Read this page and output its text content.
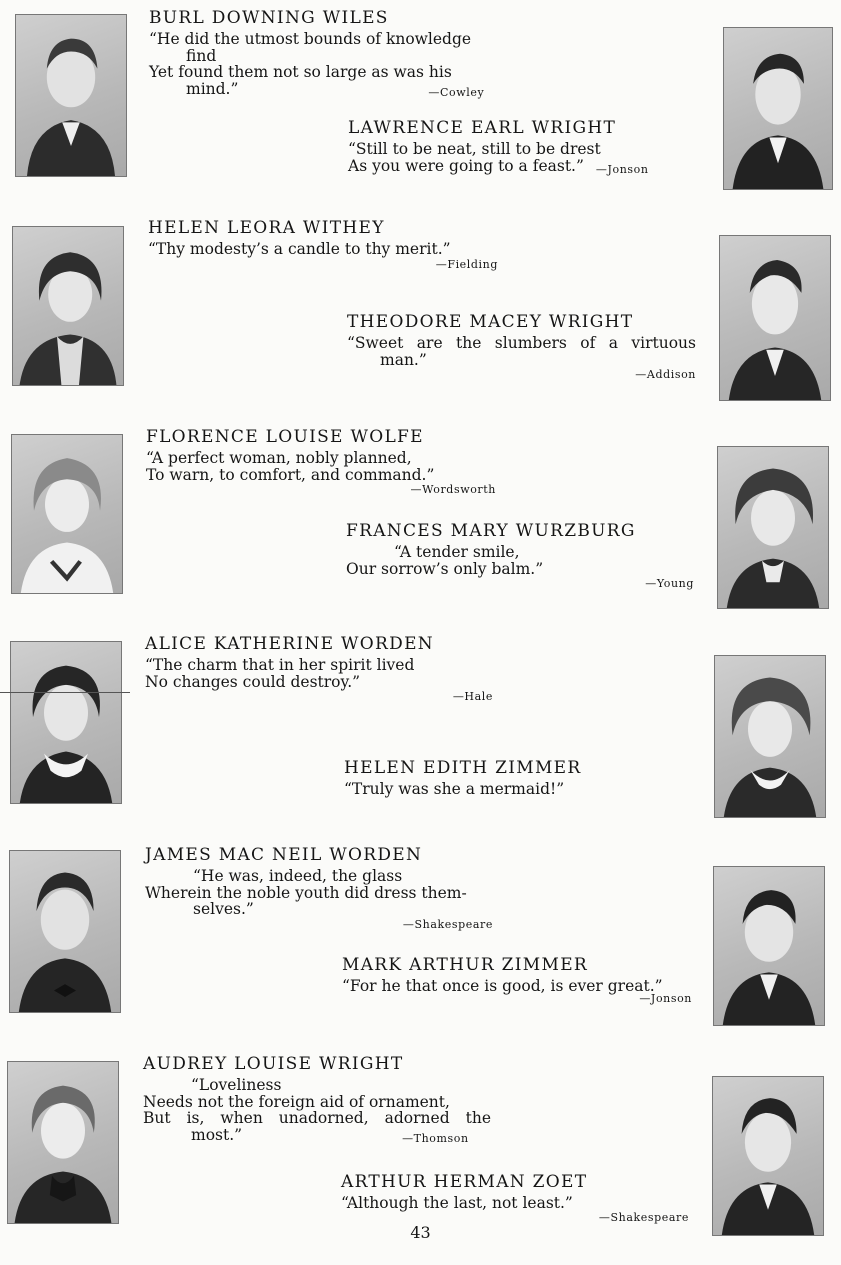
BURL DOWNING WILES
“He did the utmost bounds of knowledge
find
Yet found them not so large as was his
mind.”	—Cowley
LAWRENCE EARL WRIGHT
“Still to be neat, still to be drest
As you were going to a feast.” —Jonson
HELEN LEORA WITHEY
“Thy modesty’s a candle to thy merit.”
—Fielding
THEODORE MACEY WRIGHT
“Sweet are the slumbers of a virtuous
man.”
—Addison
FLORENCE LOUISE WOLFE
“A perfect woman, nobly planned,
To warn, to comfort, and command.”
—Wordsworth
FRANCES MARY WURZBURG
“A tender smile,
Our sorrow’s only balm.”
—Young
ALICE KATHERINE WORDEN
“The charm that in her spirit lived
No changes could destroy.”
—Hale
HELEN EDITH ZIMMER
“Truly was she a mermaid!”
JAMES MAC NEIL WORDEN
“He was, indeed, the glass
Wherein the noble youth did dress them-
selves.”
—Shakespeare
MARK ARTHUR ZIMMER
“For he that once is good, is ever great.”
—Jonson
AUDREY LOUISE WRIGHT
“Loveliness
Needs not the foreign aid of ornament,
But is, when unadorned, adorned the
most.”	—Thomson
ARTHUR HERMAN ZOET
“Although the last, not least.”
—Shakespeare
43
